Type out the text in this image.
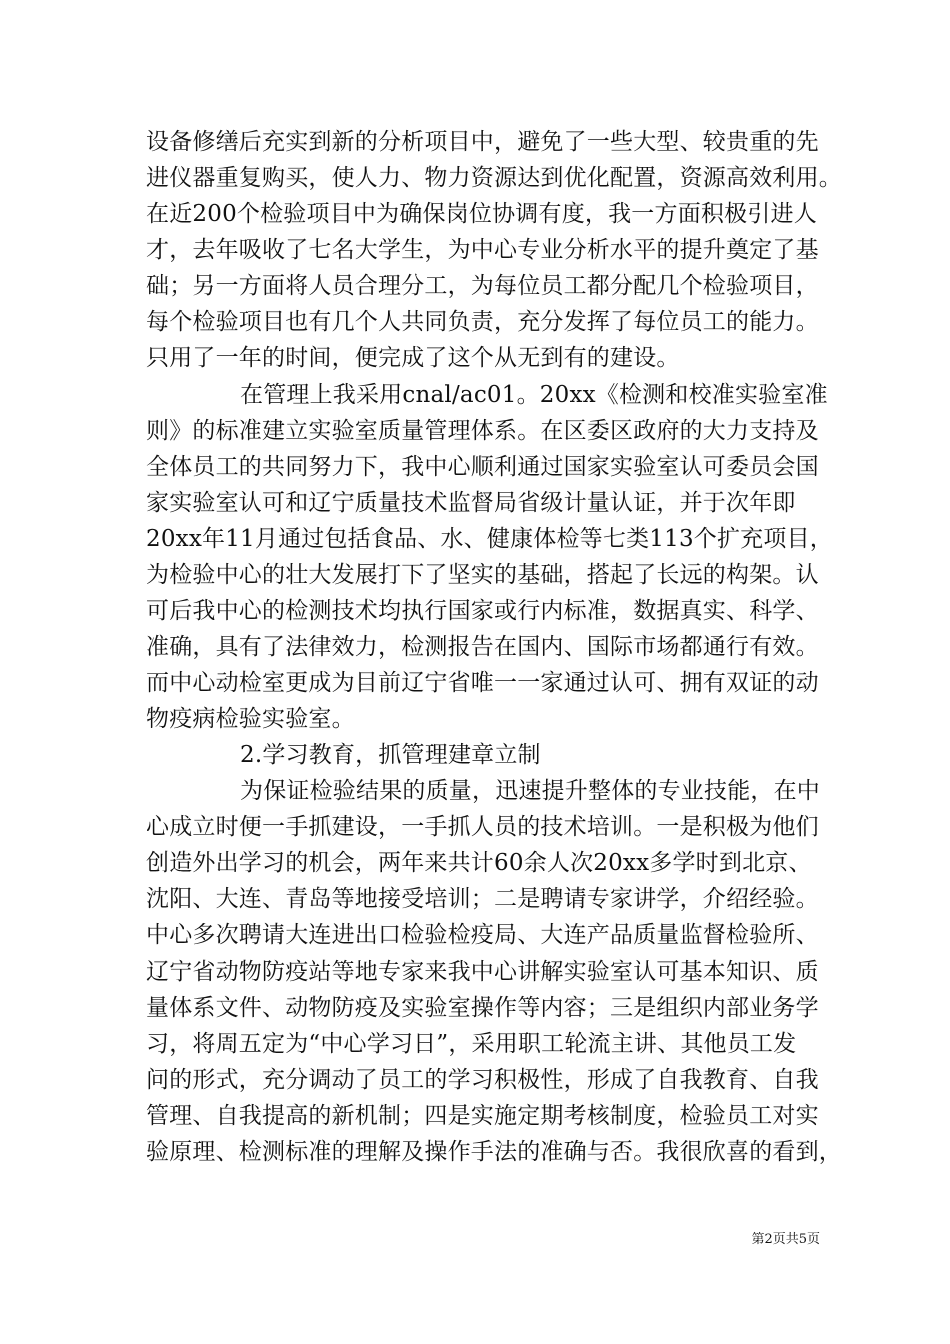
设备修缮后充实到新的分析项目中，避免了一些大型、较贵重的先
进仪器重复购买，使人力、物力资源达到优化配置，资源高效利用。
在近200个检验项目中为确保岗位协调有度，我一方面积极引进人
才，去年吸收了七名大学生，为中心专业分析水平的提升奠定了基
础；另一方面将人员合理分工，为每位员工都分配几个检验项目，
每个检验项目也有几个人共同负责，充分发挥了每位员工的能力。
只用了一年的时间，便完成了这个从无到有的建设。
在管理上我采用cnal/ac01。20xx《检测和校准实验室准
则》的标准建立实验室质量管理体系。在区委区政府的大力支持及
全体员工的共同努力下，我中心顺利通过国家实验室认可委员会国
家实验室认可和辽宁质量技术监督局省级计量认证，并于次年即
20xx年11月通过包括食品、水、健康体检等七类113个扩充项目，
为检验中心的壮大发展打下了坚实的基础，搭起了长远的构架。认
可后我中心的检测技术均执行国家或行内标准，数据真实、科学、
准确，具有了法律效力，检测报告在国内、国际市场都通行有效。
而中心动检室更成为目前辽宁省唯一一家通过认可、拥有双证的动
物疫病检验实验室。
2.学习教育，抓管理建章立制
为保证检验结果的质量，迅速提升整体的专业技能，在中
心成立时便一手抓建设，一手抓人员的技术培训。一是积极为他们
创造外出学习的机会，两年来共计60余人次20xx多学时到北京、
沈阳、大连、青岛等地接受培训；二是聘请专家讲学，介绍经验。
中心多次聘请大连进出口检验检疫局、大连产品质量监督检验所、
辽宁省动物防疫站等地专家来我中心讲解实验室认可基本知识、质
量体系文件、动物防疫及实验室操作等内容；三是组织内部业务学
习，将周五定为“中心学习日”，采用职工轮流主讲、其他员工发
问的形式，充分调动了员工的学习积极性，形成了自我教育、自我
管理、自我提高的新机制；四是实施定期考核制度，检验员工对实
验原理、检测标准的理解及操作手法的准确与否。我很欣喜的看到，
第2页共5页
